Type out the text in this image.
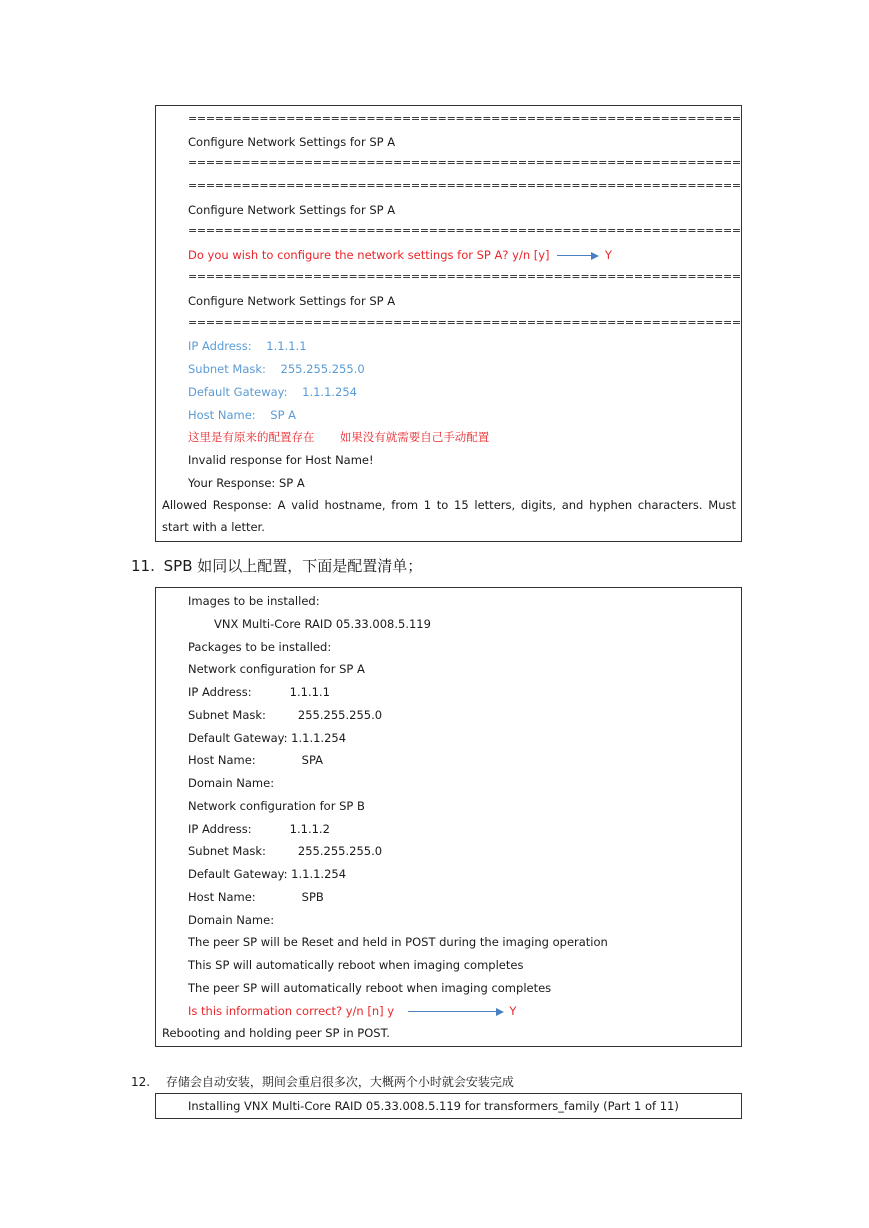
==============================================================
Configure Network Settings for SP A
==============================================================
==============================================================
Configure Network Settings for SP A
==============================================================
Do you wish to configure the network settings for SP A? y/n [y]	Y
==============================================================
Configure Network Settings for SP A
==============================================================
IP Address:    1.1.1.1
Subnet Mask:    255.255.255.0
Default Gateway:    1.1.1.254
Host Name:    SP A
这里是有原来的配置存在 如果没有就需要自己手动配置
Invalid response for Host Name!
Your Response: SP A
Allowed Response: A valid hostname, from 1 to 15 letters, digits, and hyphen characters. Must start with a letter.
11. SPB 如同以上配置，下面是配置清单；
Images to be installed:
VNX Multi-Core RAID 05.33.008.5.119
Packages to be installed:
Network configuration for SP A
IP Address:	1.1.1.1
Subnet Mask:	255.255.255.0
Default Gateway: 1.1.1.254
Host Name:	SPA
Domain Name:
Network configuration for SP B
IP Address:	1.1.1.2
Subnet Mask:	255.255.255.0
Default Gateway: 1.1.1.254
Host Name:	SPB
Domain Name:
The peer SP will be Reset and held in POST during the imaging operation
This SP will automatically reboot when imaging completes
The peer SP will automatically reboot when imaging completes
Is this information correct? y/n [n] y	Y
Rebooting and holding peer SP in POST.
12. 存储会自动安装，期间会重启很多次，大概两个小时就会安装完成
Installing VNX Multi-Core RAID 05.33.008.5.119 for transformers_family (Part 1 of 11)
